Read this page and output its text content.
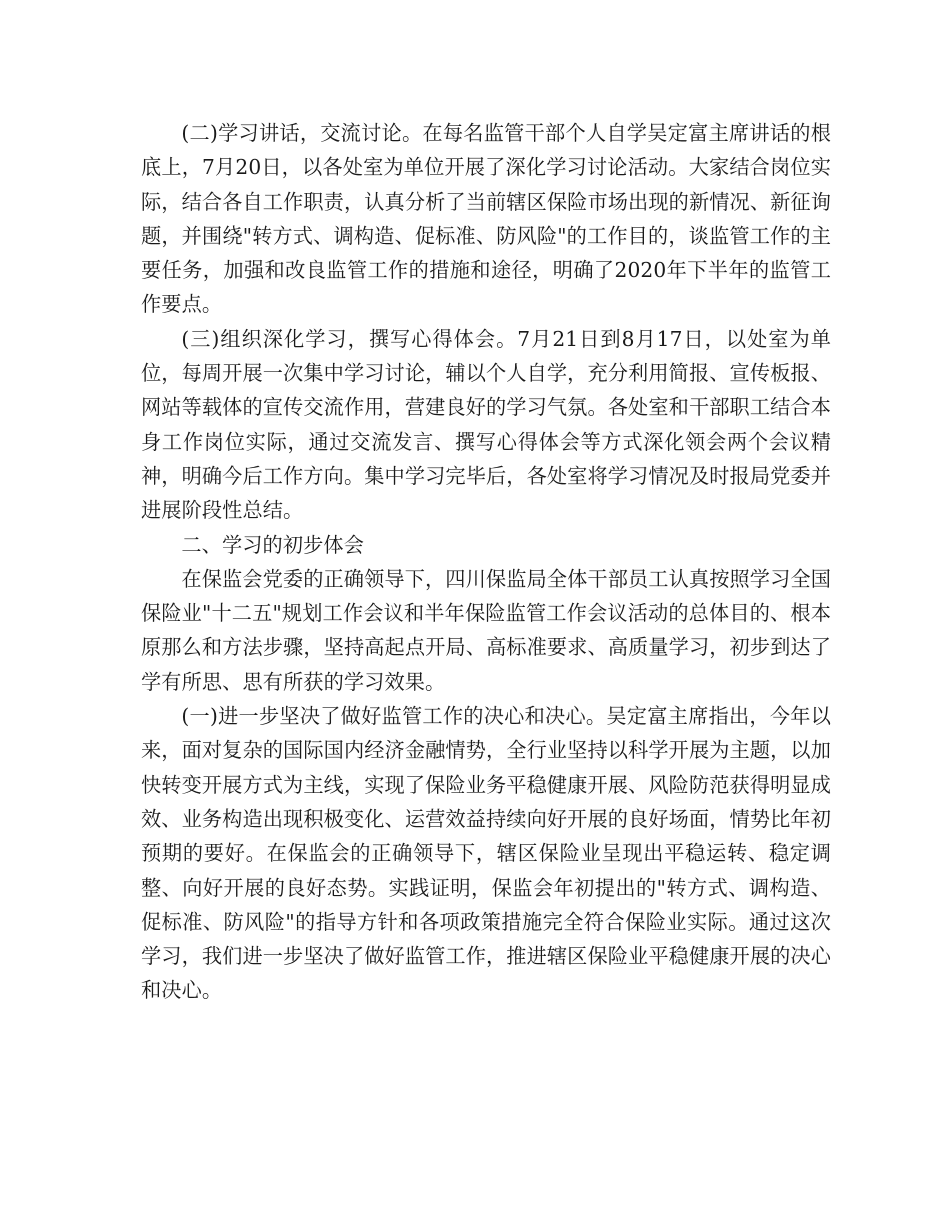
(二)学习讲话，交流讨论。在每名监管干部个人自学吴定富主席讲话的根底上，7月20日，以各处室为单位开展了深化学习讨论活动。大家结合岗位实际，结合各自工作职责，认真分析了当前辖区保险市场出现的新情况、新征询题，并围绕"转方式、调构造、促标准、防风险"的工作目的，谈监管工作的主要任务，加强和改良监管工作的措施和途径，明确了2020年下半年的监管工作要点。

(三)组织深化学习，撰写心得体会。7月21日到8月17日，以处室为单位，每周开展一次集中学习讨论，辅以个人自学，充分利用简报、宣传板报、网站等载体的宣传交流作用，营建良好的学习气氛。各处室和干部职工结合本身工作岗位实际，通过交流发言、撰写心得体会等方式深化领会两个会议精神，明确今后工作方向。集中学习完毕后，各处室将学习情况及时报局党委并进展阶段性总结。

二、学习的初步体会

在保监会党委的正确领导下，四川保监局全体干部员工认真按照学习全国保险业"十二五"规划工作会议和半年保险监管工作会议活动的总体目的、根本原那么和方法步骤，坚持高起点开局、高标准要求、高质量学习，初步到达了学有所思、思有所获的学习效果。

(一)进一步坚决了做好监管工作的决心和决心。吴定富主席指出，今年以来，面对复杂的国际国内经济金融情势，全行业坚持以科学开展为主题，以加快转变开展方式为主线，实现了保险业务平稳健康开展、风险防范获得明显成效、业务构造出现积极变化、运营效益持续向好开展的良好场面，情势比年初预期的要好。在保监会的正确领导下，辖区保险业呈现出平稳运转、稳定调整、向好开展的良好态势。实践证明，保监会年初提出的"转方式、调构造、促标准、防风险"的指导方针和各项政策措施完全符合保险业实际。通过这次学习，我们进一步坚决了做好监管工作，推进辖区保险业平稳健康开展的决心和决心。
